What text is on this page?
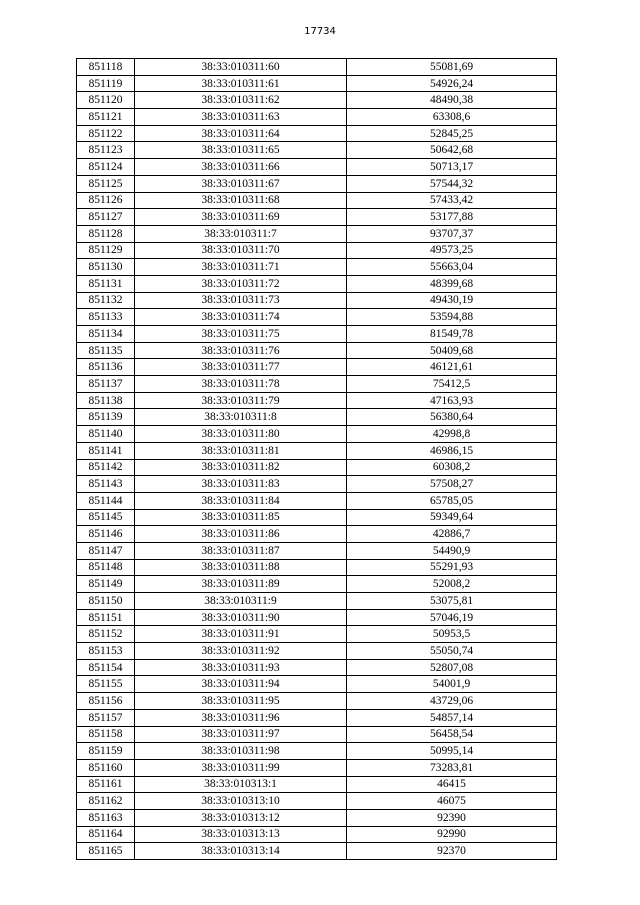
17734
851118	38:33:010311:60	55081,69
851119	38:33:010311:61	54926,24
851120	38:33:010311:62	48490,38
851121	38:33:010311:63	63308,6
851122	38:33:010311:64	52845,25
851123	38:33:010311:65	50642,68
851124	38:33:010311:66	50713,17
851125	38:33:010311:67	57544,32
851126	38:33:010311:68	57433,42
851127	38:33:010311:69	53177,88
851128	38:33:010311:7	93707,37
851129	38:33:010311:70	49573,25
851130	38:33:010311:71	55663,04
851131	38:33:010311:72	48399,68
851132	38:33:010311:73	49430,19
851133	38:33:010311:74	53594,88
851134	38:33:010311:75	81549,78
851135	38:33:010311:76	50409,68
851136	38:33:010311:77	46121,61
851137	38:33:010311:78	75412,5
851138	38:33:010311:79	47163,93
851139	38:33:010311:8	56380,64
851140	38:33:010311:80	42998,8
851141	38:33:010311:81	46986,15
851142	38:33:010311:82	60308,2
851143	38:33:010311:83	57508,27
851144	38:33:010311:84	65785,05
851145	38:33:010311:85	59349,64
851146	38:33:010311:86	42886,7
851147	38:33:010311:87	54490,9
851148	38:33:010311:88	55291,93
851149	38:33:010311:89	52008,2
851150	38:33:010311:9	53075,81
851151	38:33:010311:90	57046,19
851152	38:33:010311:91	50953,5
851153	38:33:010311:92	55050,74
851154	38:33:010311:93	52807,08
851155	38:33:010311:94	54001,9
851156	38:33:010311:95	43729,06
851157	38:33:010311:96	54857,14
851158	38:33:010311:97	56458,54
851159	38:33:010311:98	50995,14
851160	38:33:010311:99	73283,81
851161	38:33:010313:1	46415
851162	38:33:010313:10	46075
851163	38:33:010313:12	92390
851164	38:33:010313:13	92990
851165	38:33:010313:14	92370
